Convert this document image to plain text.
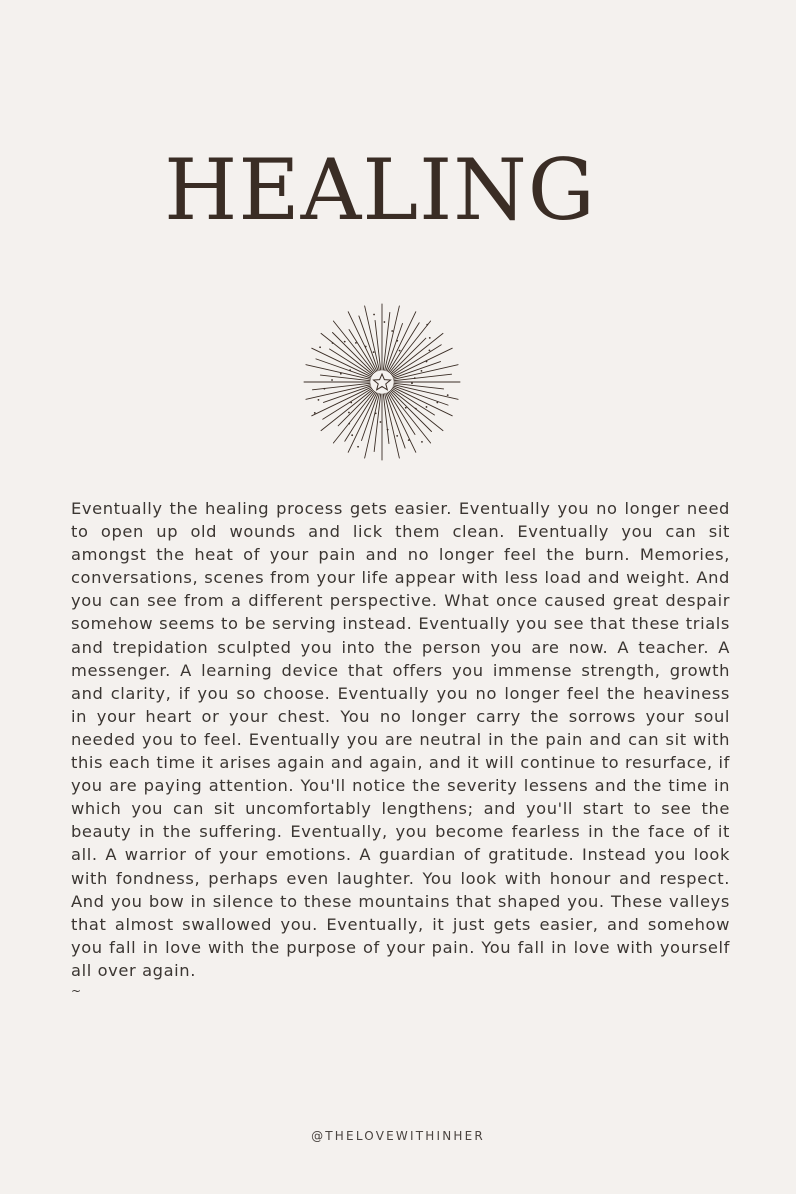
HEALING

Eventually the healing process gets easier. Eventually you no longer need to open up old wounds and lick them clean. Eventually you can sit amongst the heat of your pain and no longer feel the burn. Memories, conversations, scenes from your life appear with less load and weight. And you can see from a different perspective. What once caused great despair somehow seems to be serving instead. Eventually you see that these trials and trepidation sculpted you into the person you are now. A teacher. A messenger. A learning device that offers you immense strength, growth and clarity, if you so choose. Eventually you no longer feel the heaviness in your heart or your chest. You no longer carry the sorrows your soul needed you to feel. Eventually you are neutral in the pain and can sit with this each time it arises again and again, and it will continue to resurface, if you are paying attention. You'll notice the severity lessens and the time in which you can sit uncomfortably lengthens; and you'll start to see the beauty in the suffering. Eventually, you become fearless in the face of it all. A warrior of your emotions. A guardian of gratitude. Instead you look with fondness, perhaps even laughter. You look with honour and respect. And you bow in silence to these mountains that shaped you. These valleys that almost swallowed you. Eventually, it just gets easier, and somehow you fall in love with the purpose of your pain. You fall in love with yourself all over again.

~

@THELOVEWITHINHER
